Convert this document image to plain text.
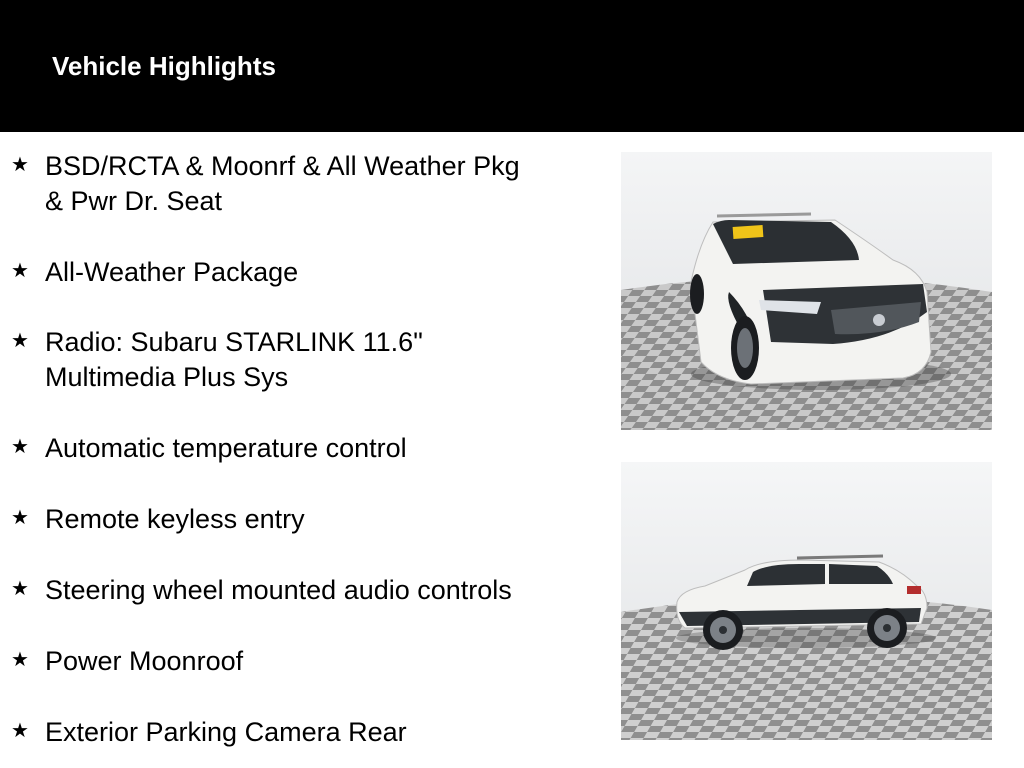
Vehicle Highlights
★ BSD/RCTA & Moonrf & All Weather Pkg & Pwr Dr. Seat
★ All-Weather Package
★ Radio: Subaru STARLINK 11.6" Multimedia Plus Sys
★ Automatic temperature control
★ Remote keyless entry
★ Steering wheel mounted audio controls
★ Power Moonroof
★ Exterior Parking Camera Rear
